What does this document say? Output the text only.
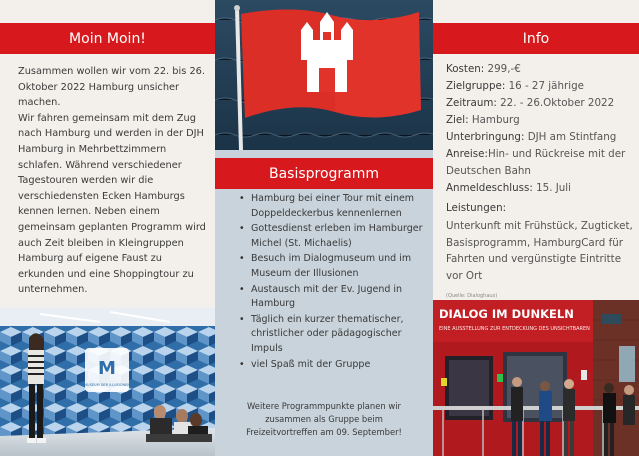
Moin Moin!

Zusammen wollen wir vom 22. bis 26. Oktober 2022 Hamburg unsicher machen.
Wir fahren gemeinsam mit dem Zug nach Hamburg und werden in der DJH Hamburg in Mehrbettzimmern schlafen. Während verschiedener Tagestouren werden wir die verschiedensten Ecken Hamburgs kennen lernen. Neben einem gemeinsam geplanten Programm wird auch Zeit bleiben in Kleingruppen Hamburg auf eigene Faust zu erkunden und eine Shoppingtour zu unternehmen.

M
MUSEUM DER ILLUSIONEN
Basisprogramm
• Hamburg bei einer Tour mit einem Doppeldeckerbus kennenlernen
• Gottesdienst erleben im Hamburger Michel (St. Michaelis)
• Besuch im Dialogmuseum und im Museum der Illusionen
• Austausch mit der Ev. Jugend in Hamburg
• Täglich ein kurzer thematischer, christlicher oder pädagogischer Impuls
• viel Spaß mit der Gruppe

Weitere Programmpunkte planen wir
zusammen als Gruppe beim
Freizeitvortreffen am 09. September!

Info
Kosten: 299,-€
Zielgruppe: 16 - 27 jährige
Zeitraum: 22. - 26.Oktober 2022
Ziel: Hamburg
Unterbringung: DJH am Stintfang
Anreise:Hin- und Rückreise mit der Deutschen Bahn
Anmeldeschluss: 15. Juli
Leistungen:

Unterkunft mit Frühstück, Zugticket, Basisprogramm, HamburgCard für Fahrten und vergünstigte Eintritte vor Ort

(Quelle: Dialoghaus)
DIALOG IM DUNKELN
EINE AUSSTELLUNG ZUR ENTDECKUNG DES UNSICHTBAREN
